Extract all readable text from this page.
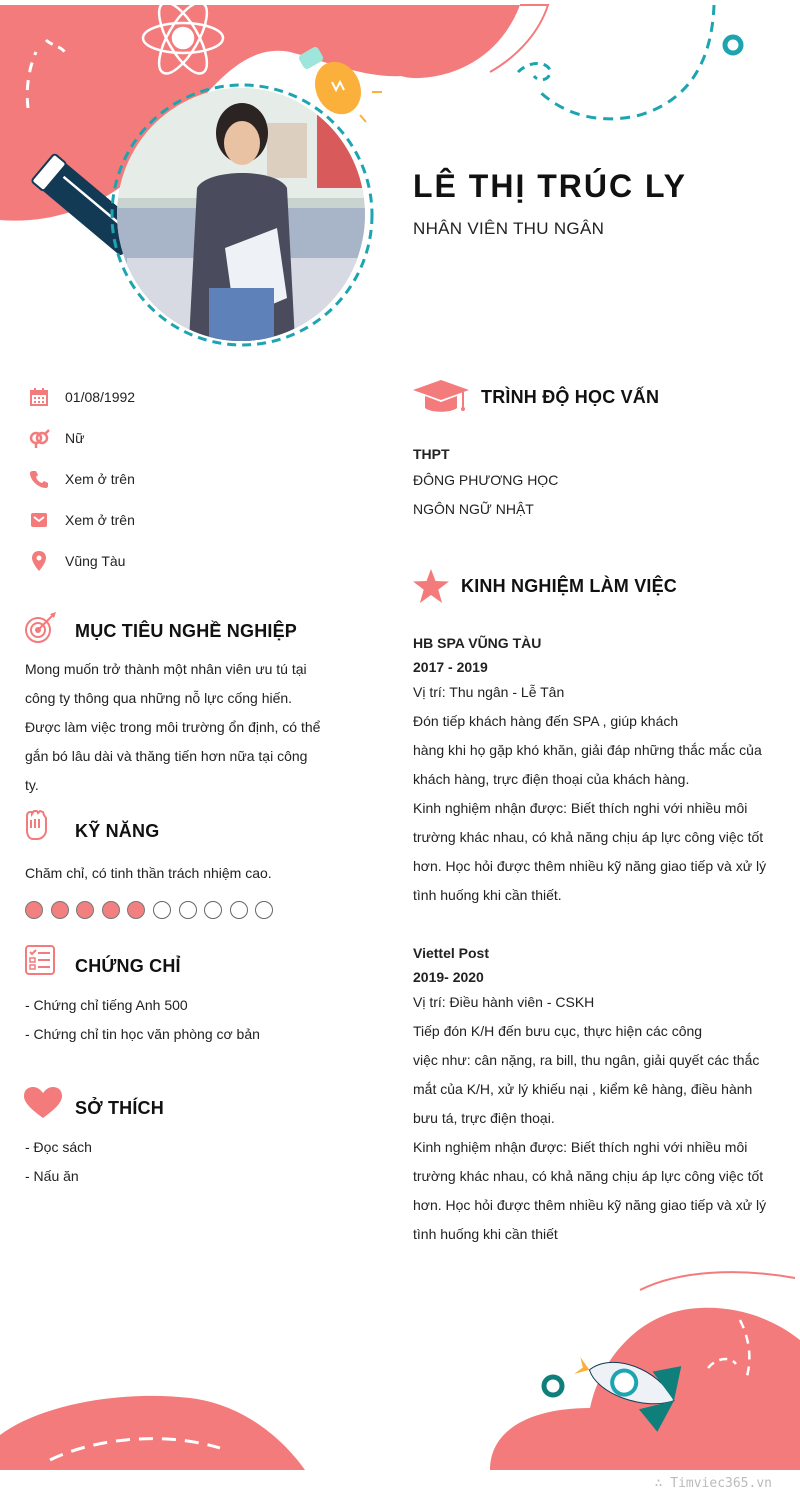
LÊ THỊ TRÚC LY
NHÂN VIÊN THU NGÂN
01/08/1992
Nữ
Xem ở trên
Xem ở trên
Vũng Tàu
MỤC TIÊU NGHỀ NGHIỆP
Mong muốn trở thành một nhân viên ưu tú tại
công ty thông qua những nỗ lực cống hiến.
Được làm việc trong môi trường ổn định, có thể
gắn bó lâu dài và thăng tiến hơn nữa tại công
ty.
KỸ NĂNG
Chăm chỉ, có tinh thần trách nhiệm cao.
CHỨNG CHỈ
- Chứng chỉ tiếng Anh 500
- Chứng chỉ tin học văn phòng cơ bản
SỞ THÍCH
- Đọc sách
- Nấu ăn
TRÌNH ĐỘ HỌC VẤN
THPT
ĐÔNG PHƯƠNG HỌC
NGÔN NGỮ NHẬT
KINH NGHIỆM LÀM VIỆC
HB SPA VŨNG TÀU
2017 - 2019
Vị trí: Thu ngân - Lễ Tân
Đón tiếp khách hàng đến SPA , giúp khách
hàng khi họ gặp khó khăn, giải đáp những thắc mắc của
khách hàng, trực điện thoại của khách hàng.
Kinh nghiệm nhận được: Biết thích nghi với nhiều môi
trường khác nhau, có khả năng chịu áp lực công việc tốt
hơn. Học hỏi được thêm nhiều kỹ năng giao tiếp và xử lý
tình huống khi cần thiết.
Viettel Post
2019- 2020
Vị trí: Điều hành viên - CSKH
Tiếp đón K/H đến bưu cục, thực hiện các công
việc như: cân nặng, ra bill, thu ngân, giải quyết các thắc
mắt của K/H, xử lý khiếu nại , kiểm kê hàng, điều hành
bưu tá, trực điện thoại.
Kinh nghiệm nhận được: Biết thích nghi với nhiều môi
trường khác nhau, có khả năng chịu áp lực công việc tốt
hơn. Học hỏi được thêm nhiều kỹ năng giao tiếp và xử lý
tình huống khi cần thiết
∴ Timviec365.vn
